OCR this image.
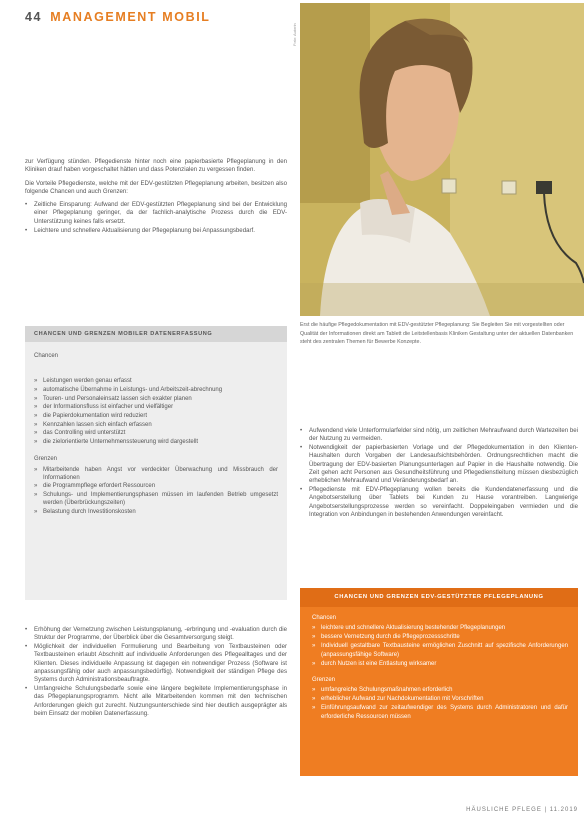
44 MANAGEMENT MOBIL
Foto: Autorin
Erst die häufige Pflegedokumentation mit EDV-gestützter Pflegeplanung: Sie Begleiten Sie mit vorgestellten oder Qualität der Informationen direkt am Tablett die Leitstellenbasis Kliniken Gestaltung unter der aktuellen Datenbanken steht des zentralen Themen für Bewerbe Konzepte.

zur Verfügung stünden. Pflegedienste hinter noch eine papierbasierte Pflegeplanung in den Kliniken drauf haben vorgeschaltet hätten und dass Potenzialen zu vergessen finden.

Die Vorteile Pflegedienste, welche mit der EDV-gestützten Pflegeplanung arbeiten, besitzen also folgende Chancen und auch Grenzen:

• Zeitliche Einsparung: Aufwand der EDV-gestützten Pflegeplanung sind bei der Entwicklung einer Pflegeplanung geringer, da der fachlich-analytische Prozess durch die EDV-Unterstützung keines falls ersetzt.
• Leichtere und schnellere Aktualisierung der Pflegeplanung bei Anpassungsbedarf.
CHANCEN UND GRENZEN MOBILER DATENERFASSUNG
Chancen
» Leistungen werden genau erfasst
» automatische Übernahme in Leistungs- und Arbeitszeit-abrechnung
» Touren- und Personaleinsatz lassen sich exakter planen
» der Informationsfluss ist einfacher und vielfältiger
» die Papierdokumentation wird reduziert
» Kennzahlen lassen sich einfach erfassen
» das Controlling wird unterstützt
» die zielorientierte Unternehmenssteuerung wird dargestellt
Grenzen
» Mitarbeitende haben Angst vor verdeckter Überwachung und Missbrauch der Informationen
» die Programmpflege erfordert Ressourcen
» Schulungs- und Implementierungsphasen müssen im laufenden Betrieb umgesetzt werden (Überbrückungszeiten)
» Belastung durch Investitionskosten
• Erhöhung der Vernetzung zwischen Leistungsplanung, -erbringung und -evaluation durch die Struktur der Programme, der Überblick über die Gesamtversorgung steigt.
• Möglichkeit der individuellen Formulierung und Bearbeitung von Textbausteinen oder Textbausteinen erlaubt Abschnitt auf individuelle Anforderungen des Pflegealltages und der Klienten. Dieses individuelle Anpassung ist dagegen ein notwendiger Prozess (Software ist anpassungsfähig oder auch anpassungsbedürftig). Notwendigkeit der ständigen Pflege des Systems durch Administrationsbeauftragte.
• Umfangreiche Schulungsbedarfe sowie eine längere begleitete Implementierungsphase in das Pflegeplanungsprogramm. Nicht alle Mitarbeitenden kommen mit den technischen Anforderungen gleich gut zurecht. Nutzungsunterschiede sind hier deutlich ausgeprägter als beim Einsatz der mobilen Datenerfassung.
• Aufwendend viele Unterformularfelder sind nötig, um zeitlichen Mehraufwand durch Wartezeiten bei der Nutzung zu vermeiden.
• Notwendigkeit der papierbasierten Vorlage und der Pflegedokumentation in den Klienten-Haushalten durch Vorgaben der Landesaufsichtsbehörden. Ordnungsrechtlichen macht die Übertragung der EDV-basierten Planungsunterlagen auf Papier in die Haushalte notwendig. Die Zeit gehen acht Personen aus Gesundheitsführung und Pflegedienstleitung müssen diesbezüglich erheblichen Mehraufwand und Veränderungsbedarf an.
• Pflegedienste mit EDV-Pflegeplanung wollen bereits die Kundendatenerfassung und die Angebotserstellung über Tablets bei Kunden zu Hause vorantreiben. Langwierige Angebotserstellungsprozesse werden so vereinfacht. Doppeleingaben vermieden und die Integration von Anbindungen in bestehenden Anwendungen vereinfacht.
CHANCEN UND GRENZEN EDV-GESTÜTZTER PFLEGEPLANUNG
Chancen
» leichtere und schnellere Aktualisierung bestehender Pflegeplanungen
» bessere Vernetzung durch die Pflegeprozessschritte
» Individuell gestaltbare Textbausteine ermöglichen Zuschnitt auf spezifische Anforderungen (anpassungsfähige Software)
» durch Nutzen ist eine Entlastung wirksamer
Grenzen
» umfangreiche Schulungsmaßnahmen erforderlich
» erheblicher Aufwand zur Nachdokumentation mit Vorschriften
» Einführungsaufwand zur zeitaufwendiger des Systems durch Administratoren und dafür erforderliche Ressourcen müssen
HÄUSLICHE PFLEGE | 11.2019
